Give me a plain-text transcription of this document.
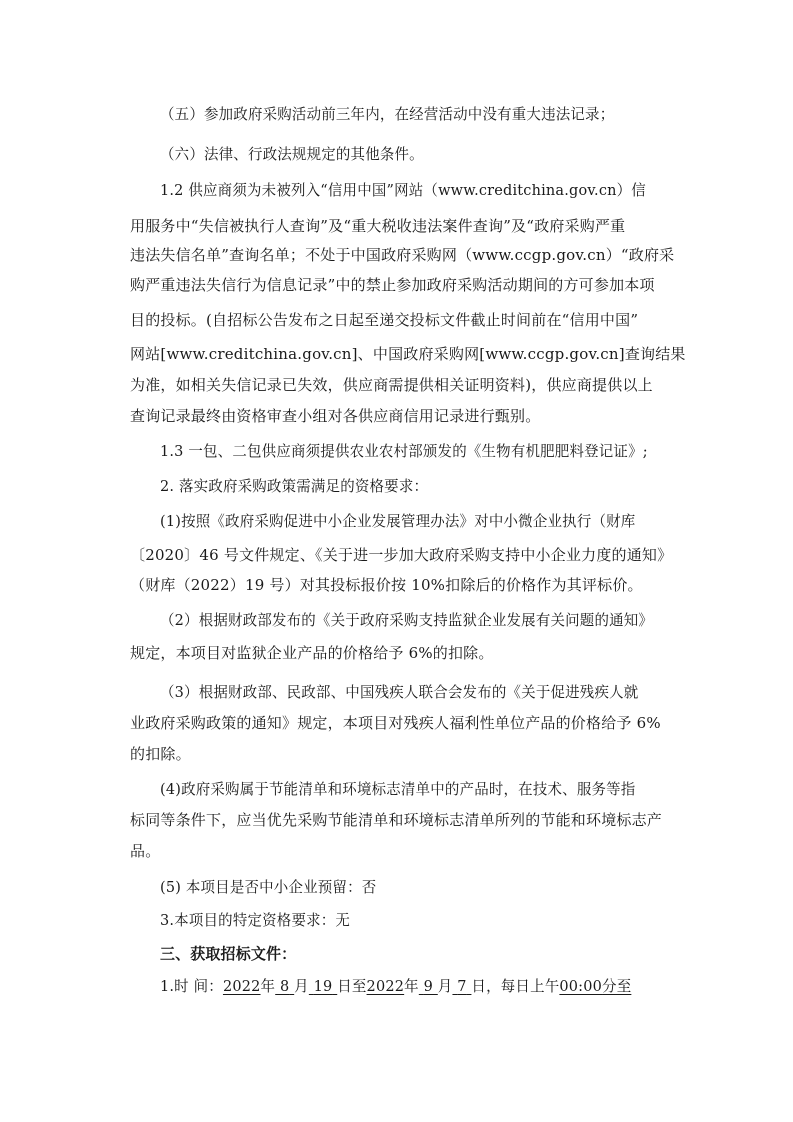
（五）参加政府采购活动前三年内，在经营活动中没有重大违法记录；
（六）法律、行政法规规定的其他条件。
1.2 供应商须为未被列入“信用中国”网站（www.creditchina.gov.cn）信
用服务中“失信被执行人查询”及“重大税收违法案件查询”及“政府采购严重
违法失信名单”查询名单；不处于中国政府采购网（www.ccgp.gov.cn）“政府采
购严重违法失信行为信息记录”中的禁止参加政府采购活动期间的方可参加本项
目的投标。(自招标公告发布之日起至递交投标文件截止时间前在“信用中国”
网站[www.creditchina.gov.cn]、中国政府采购网[www.ccgp.gov.cn]查询结果
为准，如相关失信记录已失效，供应商需提供相关证明资料)，供应商提供以上
查询记录最终由资格审查小组对各供应商信用记录进行甄别。
1.3 一包、二包供应商须提供农业农村部颁发的《生物有机肥肥料登记证》;
2. 落实政府采购政策需满足的资格要求：
(1)按照《政府采购促进中小企业发展管理办法》对中小微企业执行（财库
〔2020〕46 号文件规定、《关于进一步加大政府采购支持中小企业力度的通知》
（财库（2022）19 号）对其投标报价按 10%扣除后的价格作为其评标价。
（2）根据财政部发布的《关于政府采购支持监狱企业发展有关问题的通知》
规定，本项目对监狱企业产品的价格给予 6%的扣除。
（3）根据财政部、民政部、中国残疾人联合会发布的《关于促进残疾人就
业政府采购政策的通知》规定，本项目对残疾人福利性单位产品的价格给予 6%
的扣除。
(4)政府采购属于节能清单和环境标志清单中的产品时，在技术、服务等指
标同等条件下，应当优先采购节能清单和环境标志清单所列的节能和环境标志产
品。
(5) 本项目是否中小企业预留：否
3.本项目的特定资格要求：无
三、获取招标文件：
1.时 间：2022年 8 月 19 日至2022年 9 月 7 日，每日上午00:00分至
